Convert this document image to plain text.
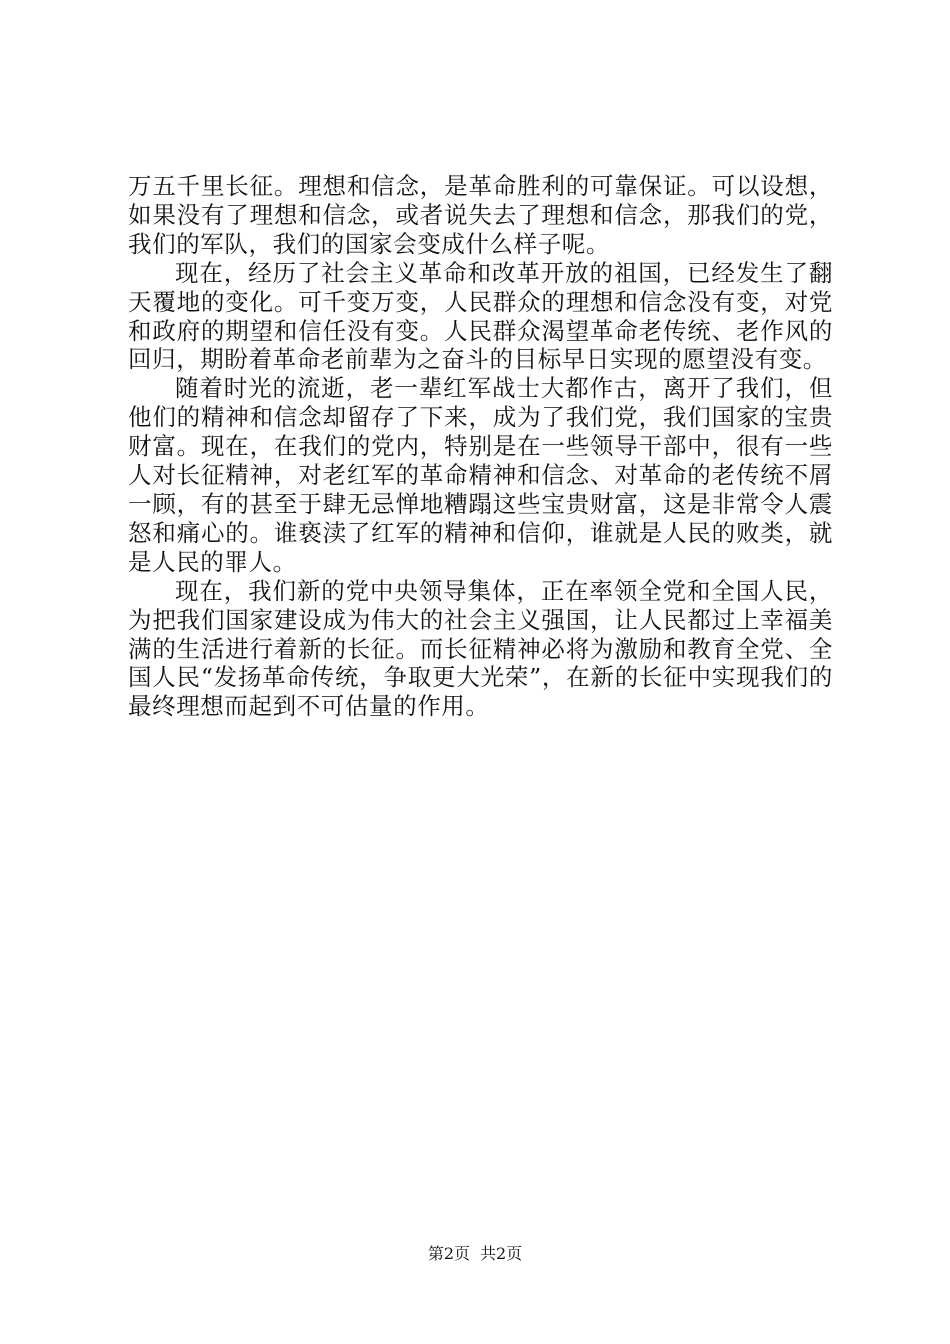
万五千里长征。理想和信念，是革命胜利的可靠保证。可以设想，如果没有了理想和信念，或者说失去了理想和信念，那我们的党，我们的军队，我们的国家会变成什么样子呢。

现在，经历了社会主义革命和改革开放的祖国，已经发生了翻天覆地的变化。可千变万变，人民群众的理想和信念没有变，对党和政府的期望和信任没有变。人民群众渴望革命老传统、老作风的回归，期盼着革命老前辈为之奋斗的目标早日实现的愿望没有变。

随着时光的流逝，老一辈红军战士大都作古，离开了我们，但他们的精神和信念却留存了下来，成为了我们党，我们国家的宝贵财富。现在，在我们的党内，特别是在一些领导干部中，很有一些人对长征精神，对老红军的革命精神和信念、对革命的老传统不屑一顾，有的甚至于肆无忌惮地糟蹋这些宝贵财富，这是非常令人震怒和痛心的。谁亵渎了红军的精神和信仰，谁就是人民的败类，就是人民的罪人。

现在，我们新的党中央领导集体，正在率领全党和全国人民，为把我们国家建设成为伟大的社会主义强国，让人民都过上幸福美满的生活进行着新的长征。而长征精神必将为激励和教育全党、全国人民“发扬革命传统，争取更大光荣”，在新的长征中实现我们的最终理想而起到不可估量的作用。

第2页 共2页
